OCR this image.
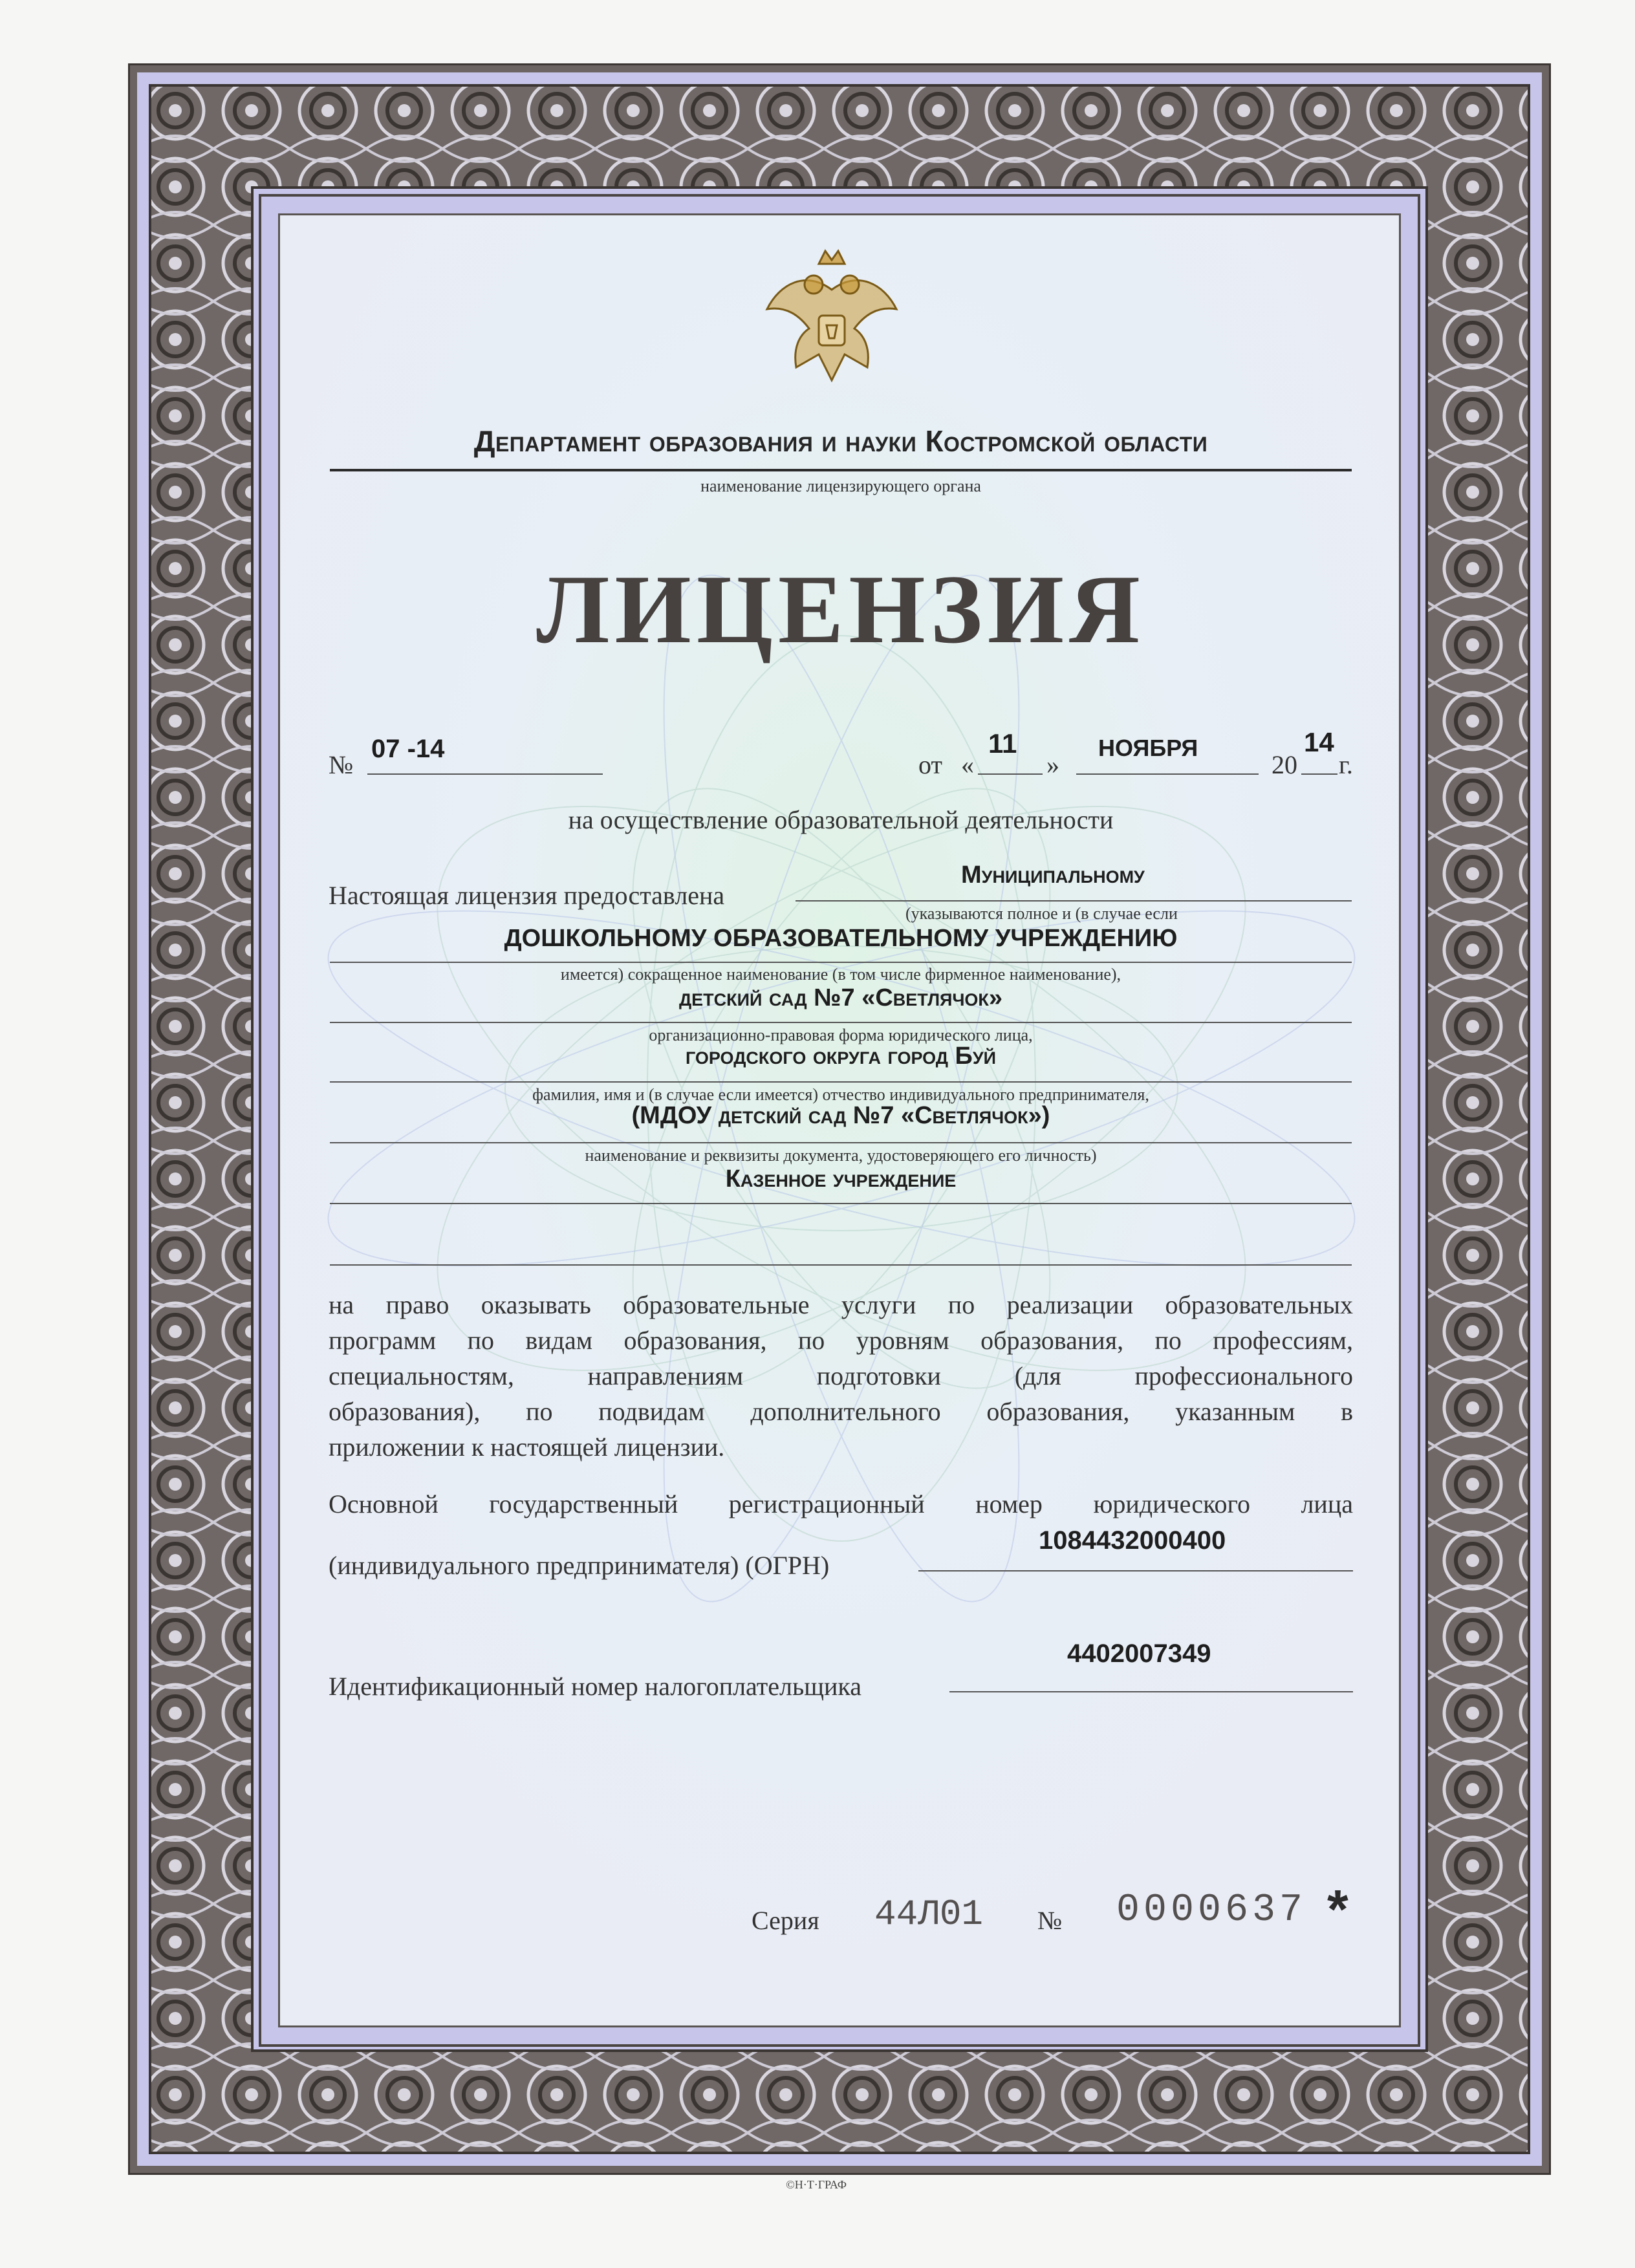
Департамент образования и науки Костромской области
наименование лицензирующего органа
ЛИЦЕНЗИЯ
№
07 -14
от «
11
»
НОЯБРЯ
20
14
г.
на осуществление образовательной деятельности
Настоящая лицензия предоставлена
Муниципальному
(указываются полное и (в случае если
ДОШКОЛЬНОМУ ОБРАЗОВАТЕЛЬНОМУ УЧРЕЖДЕНИЮ
имеется) сокращенное наименование (в том числе фирменное наименование),
детский сад №7 «Светлячок»
организационно-правовая форма юридического лица,
городского округа город Буй
фамилия, имя и (в случае если имеется) отчество индивидуального предпринимателя,
(МДОУ детский сад №7 «Светлячок»)
наименование и реквизиты документа, удостоверяющего его личность)
Казенное учреждение
на право оказывать образовательные услуги по реализации образовательных
программ по видам образования, по уровням образования, по профессиям,
специальностям, направлениям подготовки (для профессионального
образования), по подвидам дополнительного образования, указанным в
приложении к настоящей лицензии.
Основной государственный регистрационный номер юридического лица
(индивидуального предпринимателя) (ОГРН)
1084432000400
4402007349
Идентификационный номер налогоплательщика
Серия 44Л01 № 0000637 *
©Н·Т·ГРАФ
